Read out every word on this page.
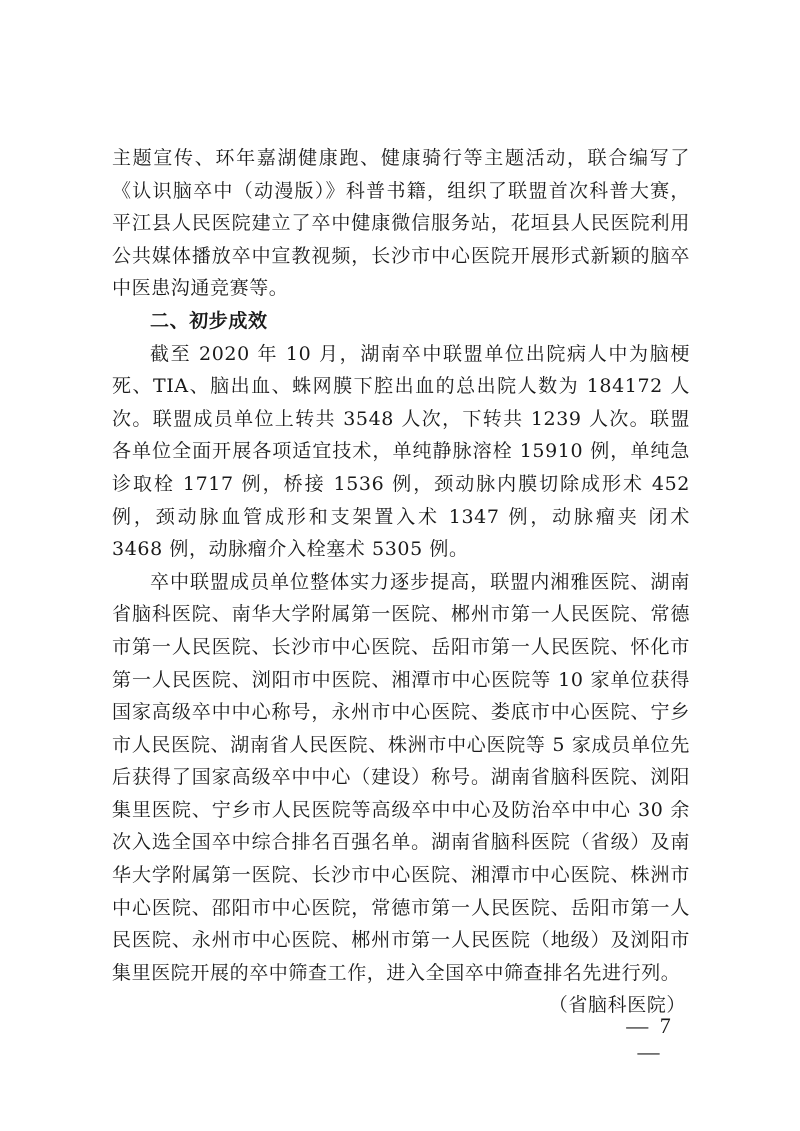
主题宣传、环年嘉湖健康跑、健康骑行等主题活动，联合编写了《认识脑卒中（动漫版）》科普书籍，组织了联盟首次科普大赛，平江县人民医院建立了卒中健康微信服务站，花垣县人民医院利用公共媒体播放卒中宣教视频，长沙市中心医院开展形式新颖的脑卒中医患沟通竞赛等。

二、初步成效

截至 2020 年 10 月，湖南卒中联盟单位出院病人中为脑梗死、TIA、脑出血、蛛网膜下腔出血的总出院人数为 184172 人次。联盟成员单位上转共 3548 人次，下转共 1239 人次。联盟各单位全面开展各项适宜技术，单纯静脉溶栓 15910 例，单纯急诊取栓 1717 例，桥接 1536 例，颈动脉内膜切除成形术 452 例，颈动脉血管成形和支架置入术 1347 例，动脉瘤夹 闭术 3468 例，动脉瘤介入栓塞术 5305 例。

卒中联盟成员单位整体实力逐步提高，联盟内湘雅医院、湖南省脑科医院、南华大学附属第一医院、郴州市第一人民医院、常德市第一人民医院、长沙市中心医院、岳阳市第一人民医院、怀化市第一人民医院、浏阳市中医院、湘潭市中心医院等 10 家单位获得国家高级卒中中心称号，永州市中心医院、娄底市中心医院、宁乡市人民医院、湖南省人民医院、株洲市中心医院等 5 家成员单位先后获得了国家高级卒中中心（建设）称号。湖南省脑科医院、浏阳集里医院、宁乡市人民医院等高级卒中中心及防治卒中中心 30 余次入选全国卒中综合排名百强名单。湖南省脑科医院（省级）及南华大学附属第一医院、长沙市中心医院、湘潭市中心医院、株洲市中心医院、邵阳市中心医院，常德市第一人民医院、岳阳市第一人民医院、永州市中心医院、郴州市第一人民医院（地级）及浏阳市集里医院开展的卒中筛查工作，进入全国卒中筛查排名先进行列。

（省脑科医院）

— 7 —
